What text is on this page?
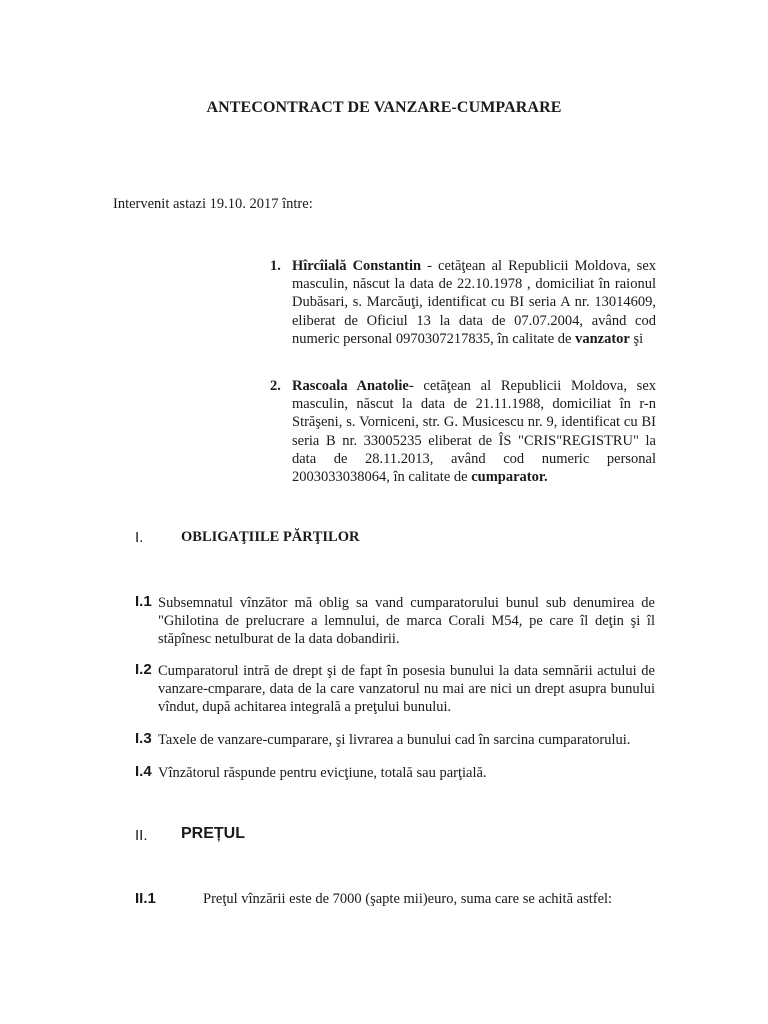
ANTECONTRACT DE VANZARE-CUMPARARE
Intervenit astazi 19.10. 2017 între:
1. Hîrcîială Constantin - cetăţean al Republicii Moldova, sex masculin, născut la data de 22.10.1978 , domiciliat în raionul Dubăsari, s. Marcăuţi, identificat cu BI seria A nr. 13014609, eliberat de Oficiul 13 la data de 07.07.2004, având cod numeric personal 0970307217835, în calitate de vanzator şi
2. Rascoala Anatolie- cetăţean al Republicii Moldova, sex masculin, născut la data de 21.11.1988, domiciliat în r-n Străşeni, s. Vorniceni, str. G. Musicescu nr. 9, identificat cu BI seria B nr. 33005235 eliberat de ÎS "CRIS"REGISTRU" la data de 28.11.2013, având cod numeric personal 2003033038064, în calitate de cumparator.
I.	OBLIGAŢIILE PĂRŢILOR
I.1 Subsemnatul vînzător mă oblig sa vand cumparatorului bunul sub denumirea de "Ghilotina de prelucrare a lemnului, de marca Corali M54, pe care îl deţin şi îl stăpînesc netulburat de la data dobandirii.
I.2 Cumparatorul intră de drept şi de fapt în posesia bunului la data semnării actului de vanzare-cmparare, data de la care vanzatorul nu mai are nici un drept asupra bunului vîndut, după achitarea integrală a preţului bunului.
I.3 Taxele de vanzare-cumparare, şi livrarea a bunului cad în sarcina cumparatorului.
I.4 Vînzătorul răspunde pentru evicţiune, totală sau parţială.
II. PREȚUL
II.1	Preţul vînzării este de 7000 (şapte mii)euro, suma care se achită astfel:
